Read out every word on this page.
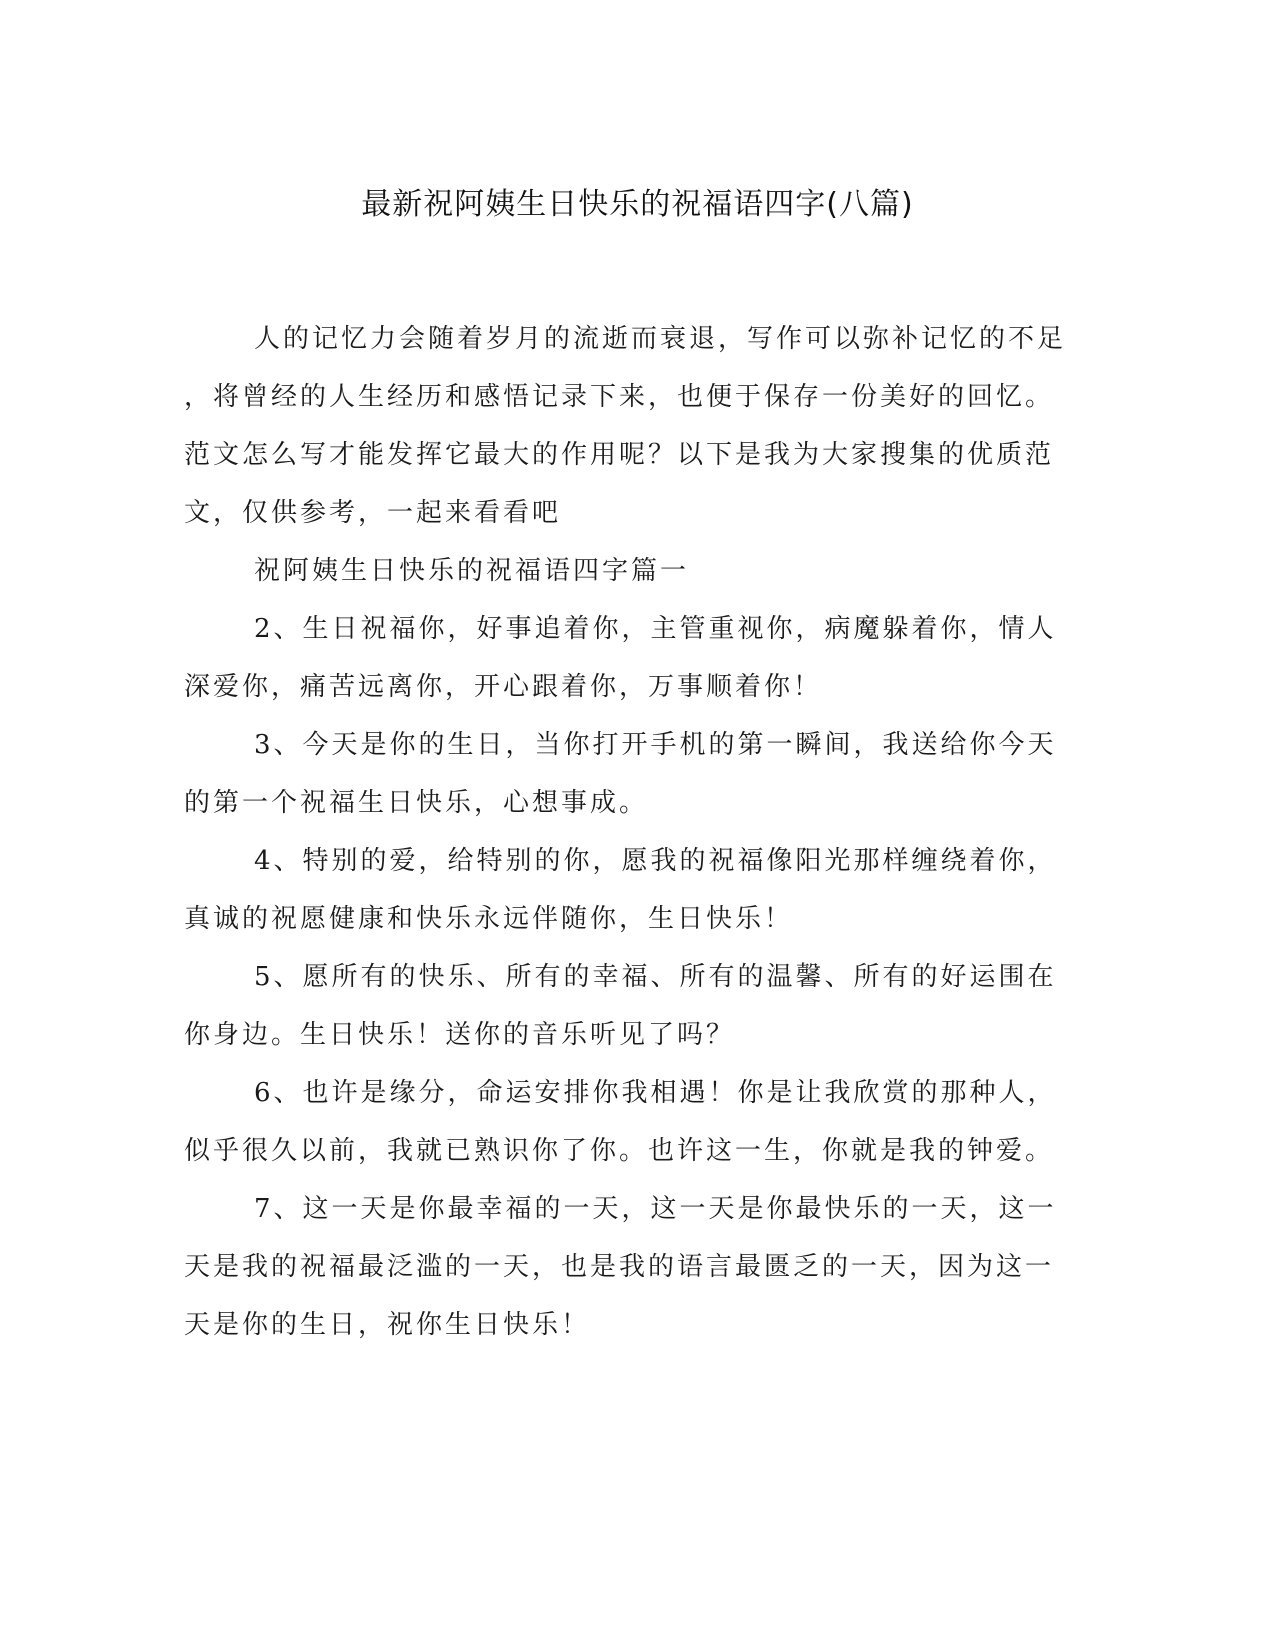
最新祝阿姨生日快乐的祝福语四字(八篇)
人的记忆力会随着岁月的流逝而衰退，写作可以弥补记忆的不足
，将曾经的人生经历和感悟记录下来，也便于保存一份美好的回忆。
范文怎么写才能发挥它最大的作用呢？以下是我为大家搜集的优质范
文，仅供参考，一起来看看吧
祝阿姨生日快乐的祝福语四字篇一
2、生日祝福你，好事追着你，主管重视你，病魔躲着你，情人
深爱你，痛苦远离你，开心跟着你，万事顺着你！
3、今天是你的生日，当你打开手机的第一瞬间，我送给你今天
的第一个祝福生日快乐，心想事成。
4、特别的爱，给特别的你，愿我的祝福像阳光那样缠绕着你，
真诚的祝愿健康和快乐永远伴随你，生日快乐！
5、愿所有的快乐、所有的幸福、所有的温馨、所有的好运围在
你身边。生日快乐！送你的音乐听见了吗？
6、也许是缘分，命运安排你我相遇！你是让我欣赏的那种人，
似乎很久以前，我就已熟识你了你。也许这一生，你就是我的钟爱。
7、这一天是你最幸福的一天，这一天是你最快乐的一天，这一
天是我的祝福最泛滥的一天，也是我的语言最匮乏的一天，因为这一
天是你的生日，祝你生日快乐！
